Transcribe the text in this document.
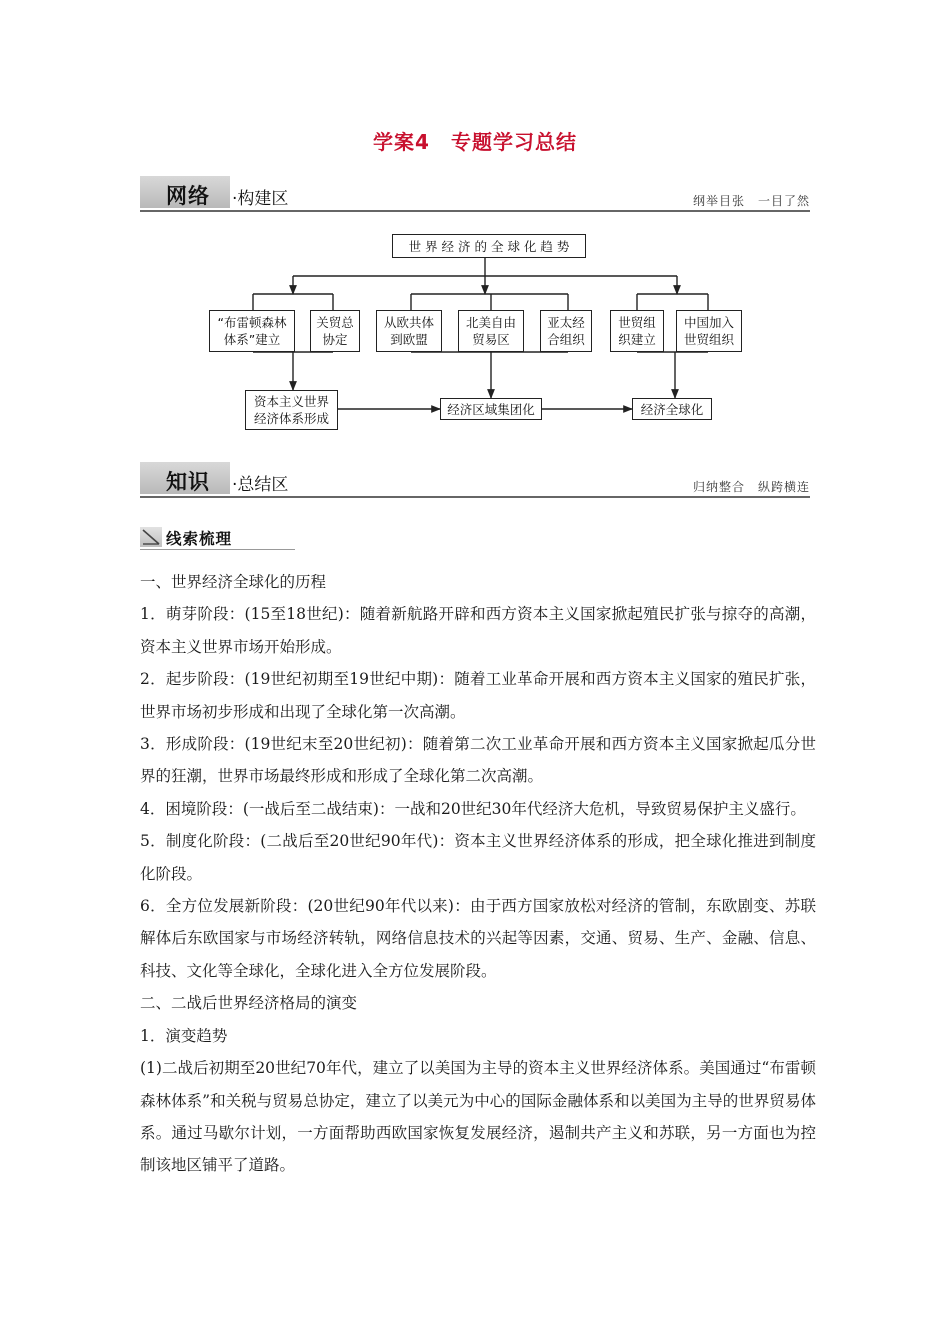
学案4　专题学习总结
网络 ·构建区	纲举目张　一目了然
世 界 经 济 的 全 球 化 趋 势
“布雷顿森林
体系”建立
关贸总
协定
从欧共体
到欧盟
北美自由
贸易区
亚太经
合组织
世贸组
织建立
中国加入
世贸组织
资本主义世界
经济体系形成
经济区域集团化	经济全球化
知识 ·总结区	归纳整合　纵跨横连
线索梳理

一、世界经济全球化的历程

1．萌芽阶段：(15至18世纪)：随着新航路开辟和西方资本主义国家掀起殖民扩张与掠夺的高潮，资本主义世界市场开始形成。

2．起步阶段：(19世纪初期至19世纪中期)：随着工业革命开展和西方资本主义国家的殖民扩张，世界市场初步形成和出现了全球化第一次高潮。

3．形成阶段：(19世纪末至20世纪初)：随着第二次工业革命开展和西方资本主义国家掀起瓜分世界的狂潮，世界市场最终形成和形成了全球化第二次高潮。

4．困境阶段：(一战后至二战结束)：一战和20世纪30年代经济大危机，导致贸易保护主义盛行。

5．制度化阶段：(二战后至20世纪90年代)：资本主义世界经济体系的形成，把全球化推进到制度化阶段。

6．全方位发展新阶段：(20世纪90年代以来)：由于西方国家放松对经济的管制，东欧剧变、苏联解体后东欧国家与市场经济转轨，网络信息技术的兴起等因素，交通、贸易、生产、金融、信息、科技、文化等全球化，全球化进入全方位发展阶段。

二、二战后世界经济格局的演变

1．演变趋势

(1)二战后初期至20世纪70年代，建立了以美国为主导的资本主义世界经济体系。美国通过“布雷顿森林体系”和关税与贸易总协定，建立了以美元为中心的国际金融体系和以美国为主导的世界贸易体系。通过马歇尔计划，一方面帮助西欧国家恢复发展经济，遏制共产主义和苏联，另一方面也为控制该地区铺平了道路。
